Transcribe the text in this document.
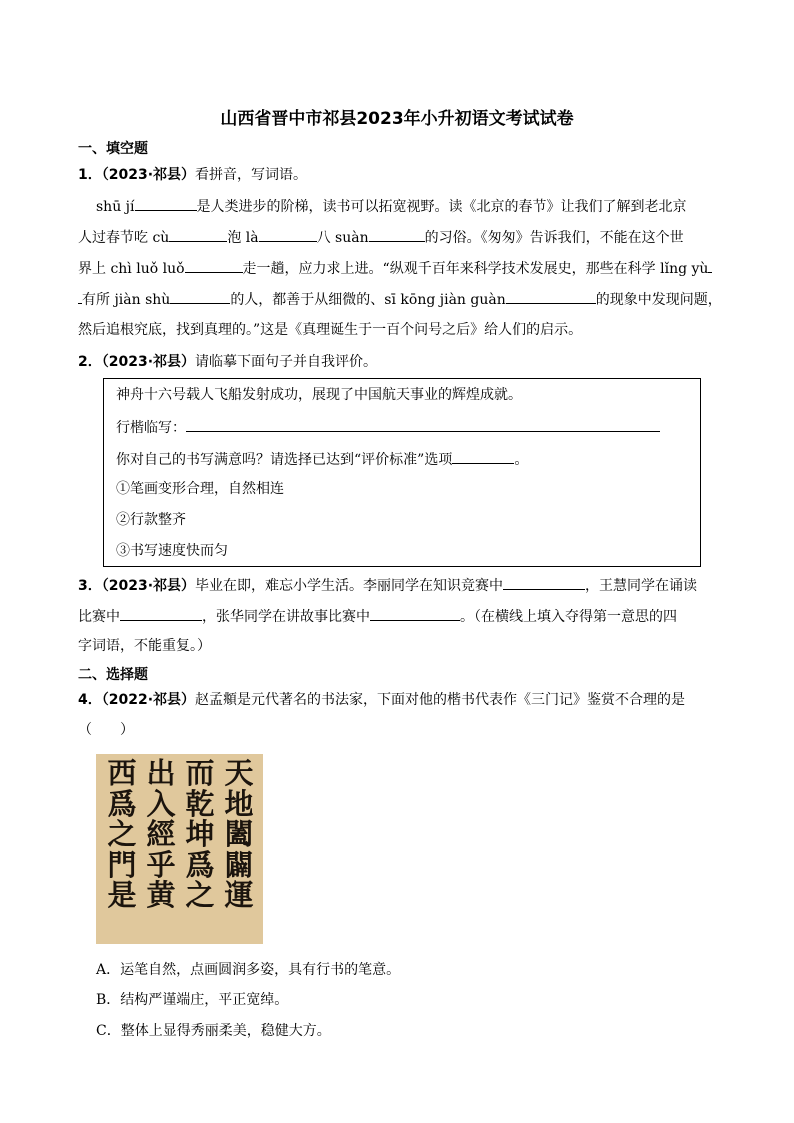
山西省晋中市祁县2023年小升初语文考试试卷
一、填空题
1．（2023·祁县）看拼音，写词语。
shū jí	是人类进步的阶梯，读书可以拓宽视野。读《北京的春节》让我们了解到老北京
人过春节吃 cù	泡 là	八 suàn	的习俗。《匆匆》告诉我们，不能在这个世
界上 chì luǒ luǒ	走一趟，应力求上进。“纵观千百年来科学技术发展史，那些在科学 lǐng yù
有所 jiàn shù	的人，都善于从细微的、sī kōng jiàn guàn	的现象中发现问题，
然后追根究底，找到真理的。”这是《真理诞生于一百个问号之后》给人们的启示。
2．（2023·祁县）请临摹下面句子并自我评价。
神舟十六号载人飞船发射成功，展现了中国航天事业的辉煌成就。
行楷临写：
你对自己的书写满意吗？请选择已达到“评价标准”选项	。
①笔画变形合理，自然相连
②行款整齐
③书写速度快而匀
3．（2023·祁县）毕业在即，难忘小学生活。李丽同学在知识竞赛中	，王慧同学在诵读
比赛中	，张华同学在讲故事比赛中	。（在横线上填入夺得第一意思的四
字词语，不能重复。）
二、选择题
4．（2022·祁县）赵孟頫是元代著名的书法家，下面对他的楷书代表作《三门记》鉴赏不合理的是
（　　）
天
地
闔
闢
運
而
乾
坤
爲
之
出
入
經
乎
黄
西
爲
之
門
是
A．运笔自然，点画圆润多姿，具有行书的笔意。
B．结构严谨端庄，平正宽绰。
C．整体上显得秀丽柔美，稳健大方。
